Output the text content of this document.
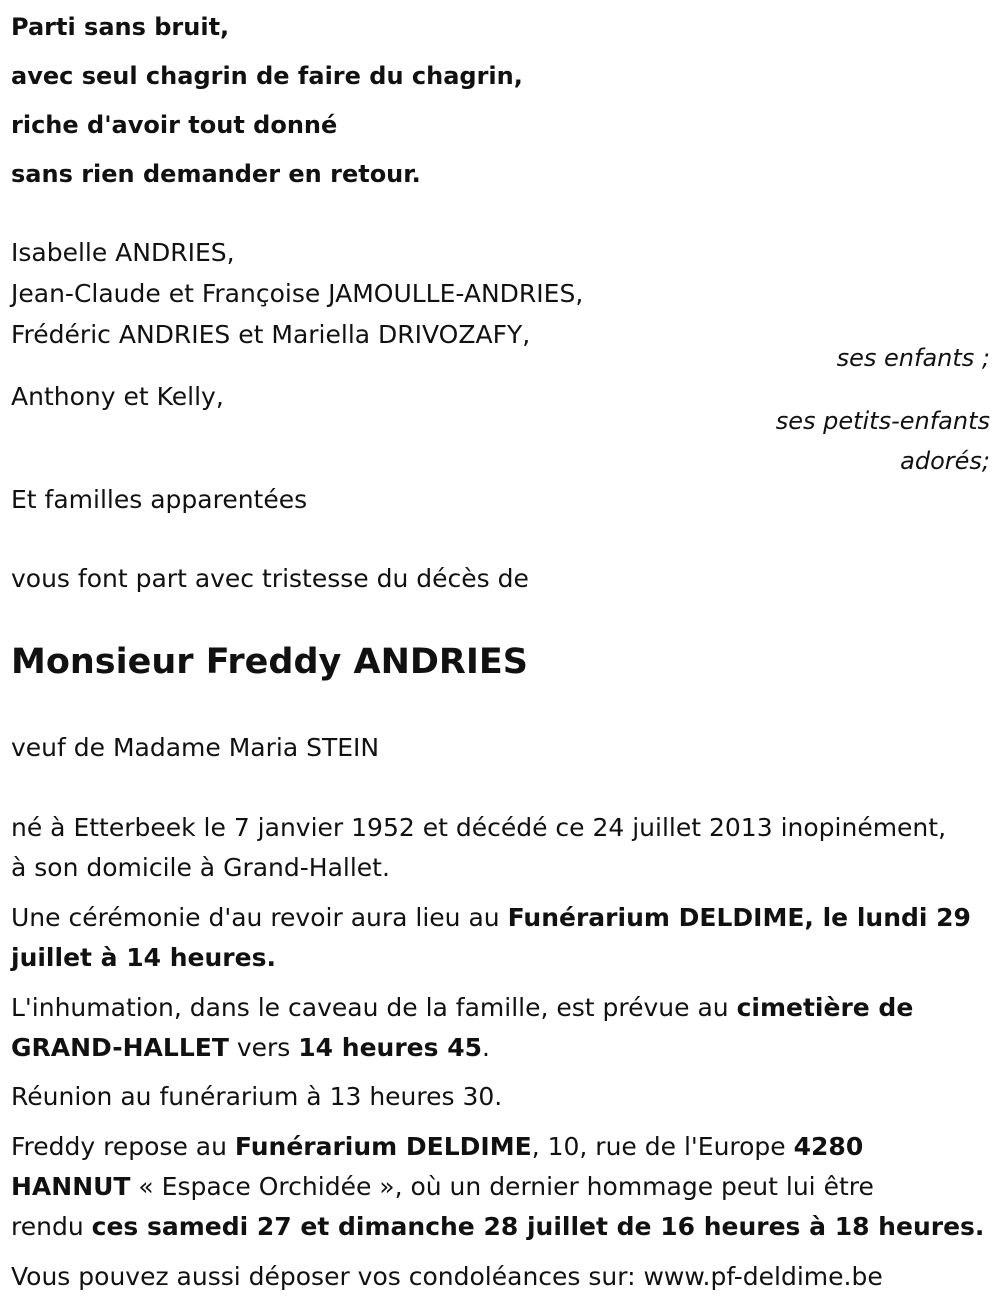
Parti sans bruit,
avec seul chagrin de faire du chagrin,
riche d'avoir tout donné
sans rien demander en retour.
Isabelle ANDRIES,
Jean-Claude et Françoise JAMOULLE-ANDRIES,
Frédéric ANDRIES et Mariella DRIVOZAFY,
ses enfants ;
Anthony et Kelly,
ses petits-enfants
adorés;
Et familles apparentées
vous font part avec tristesse du décès de
Monsieur Freddy ANDRIES
veuf de Madame Maria STEIN
né à Etterbeek le 7 janvier 1952 et décédé ce 24 juillet 2013 inopinément,
à son domicile à Grand-Hallet.
Une cérémonie d'au revoir aura lieu au Funérarium DELDIME, le lundi 29
juillet à 14 heures.
L'inhumation, dans le caveau de la famille, est prévue au cimetière de
GRAND-HALLET vers 14 heures 45.
Réunion au funérarium à 13 heures 30.
Freddy repose au Funérarium DELDIME, 10, rue de l'Europe 4280
HANNUT « Espace Orchidée », où un dernier hommage peut lui être
rendu ces samedi 27 et dimanche 28 juillet de 16 heures à 18 heures.
Vous pouvez aussi déposer vos condoléances sur: www.pf-deldime.be
